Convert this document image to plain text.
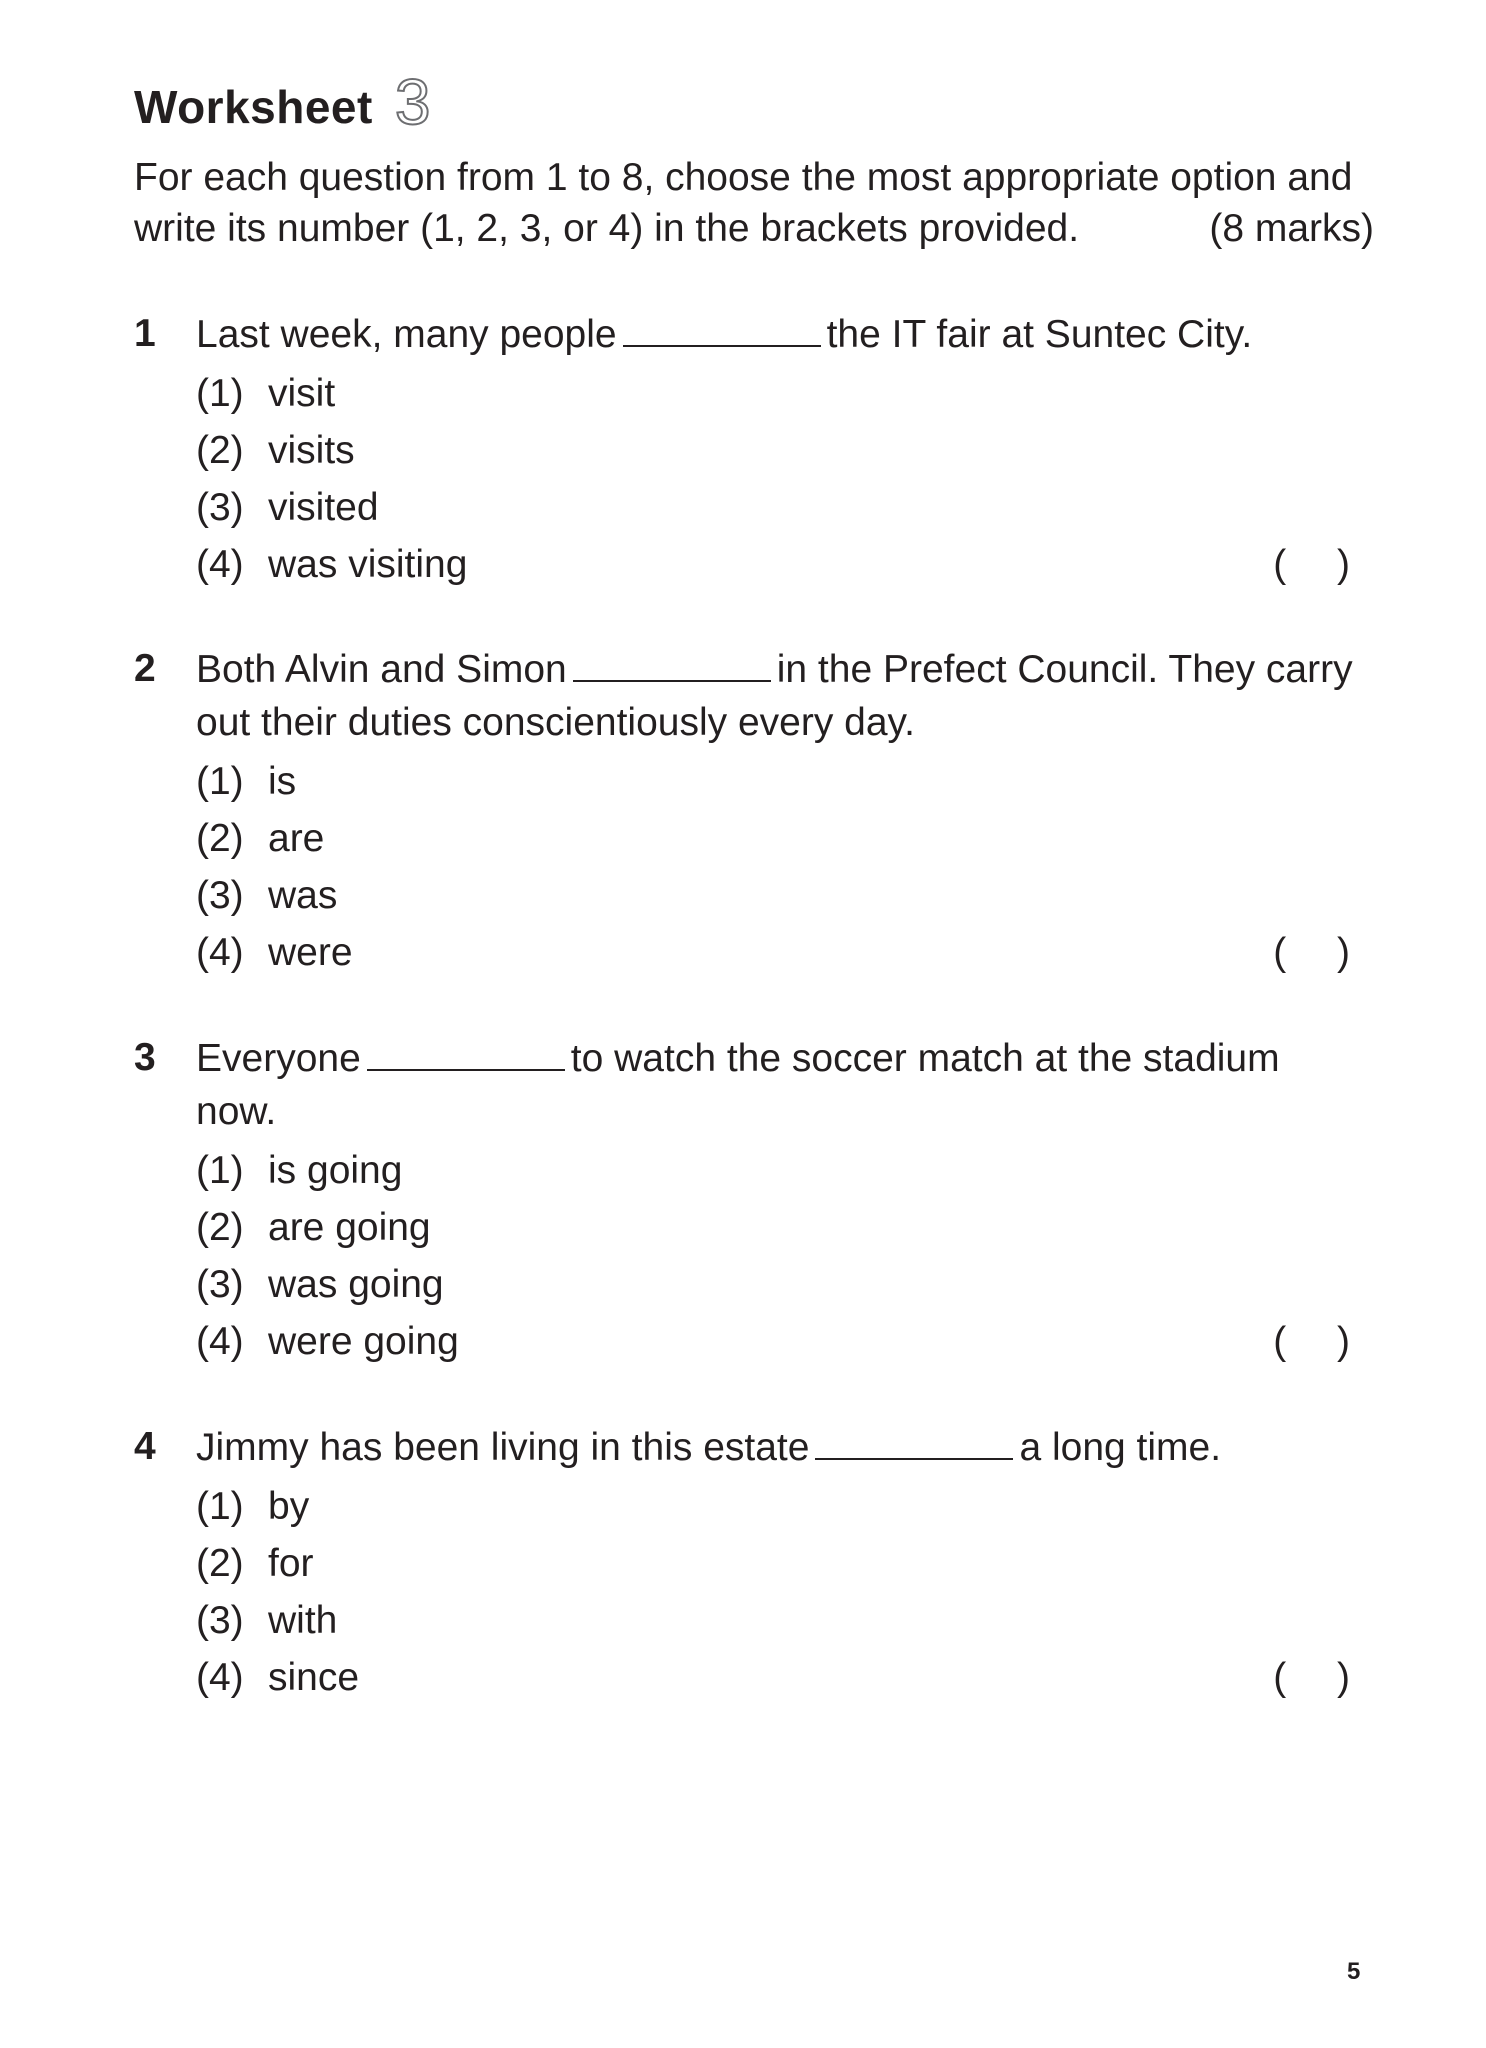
Worksheet 3
For each question from 1 to 8, choose the most appropriate option and
write its number (1, 2, 3, or 4) in the brackets provided.	(8 marks)
1 Last week, many people	the IT fair at Suntec City.
(1) visit
(2) visits
(3) visited
(4) was visiting	( )
2 Both Alvin and Simon	in the Prefect Council. They carry out their duties conscientiously every day.
(1) is
(2) are
(3) was
(4) were	( )
3 Everyone	to watch the soccer match at the stadium now.
(1) is going
(2) are going
(3) was going
(4) were going	( )
4 Jimmy has been living in this estate	a long time.
(1) by
(2) for
(3) with
(4) since	( )
5
